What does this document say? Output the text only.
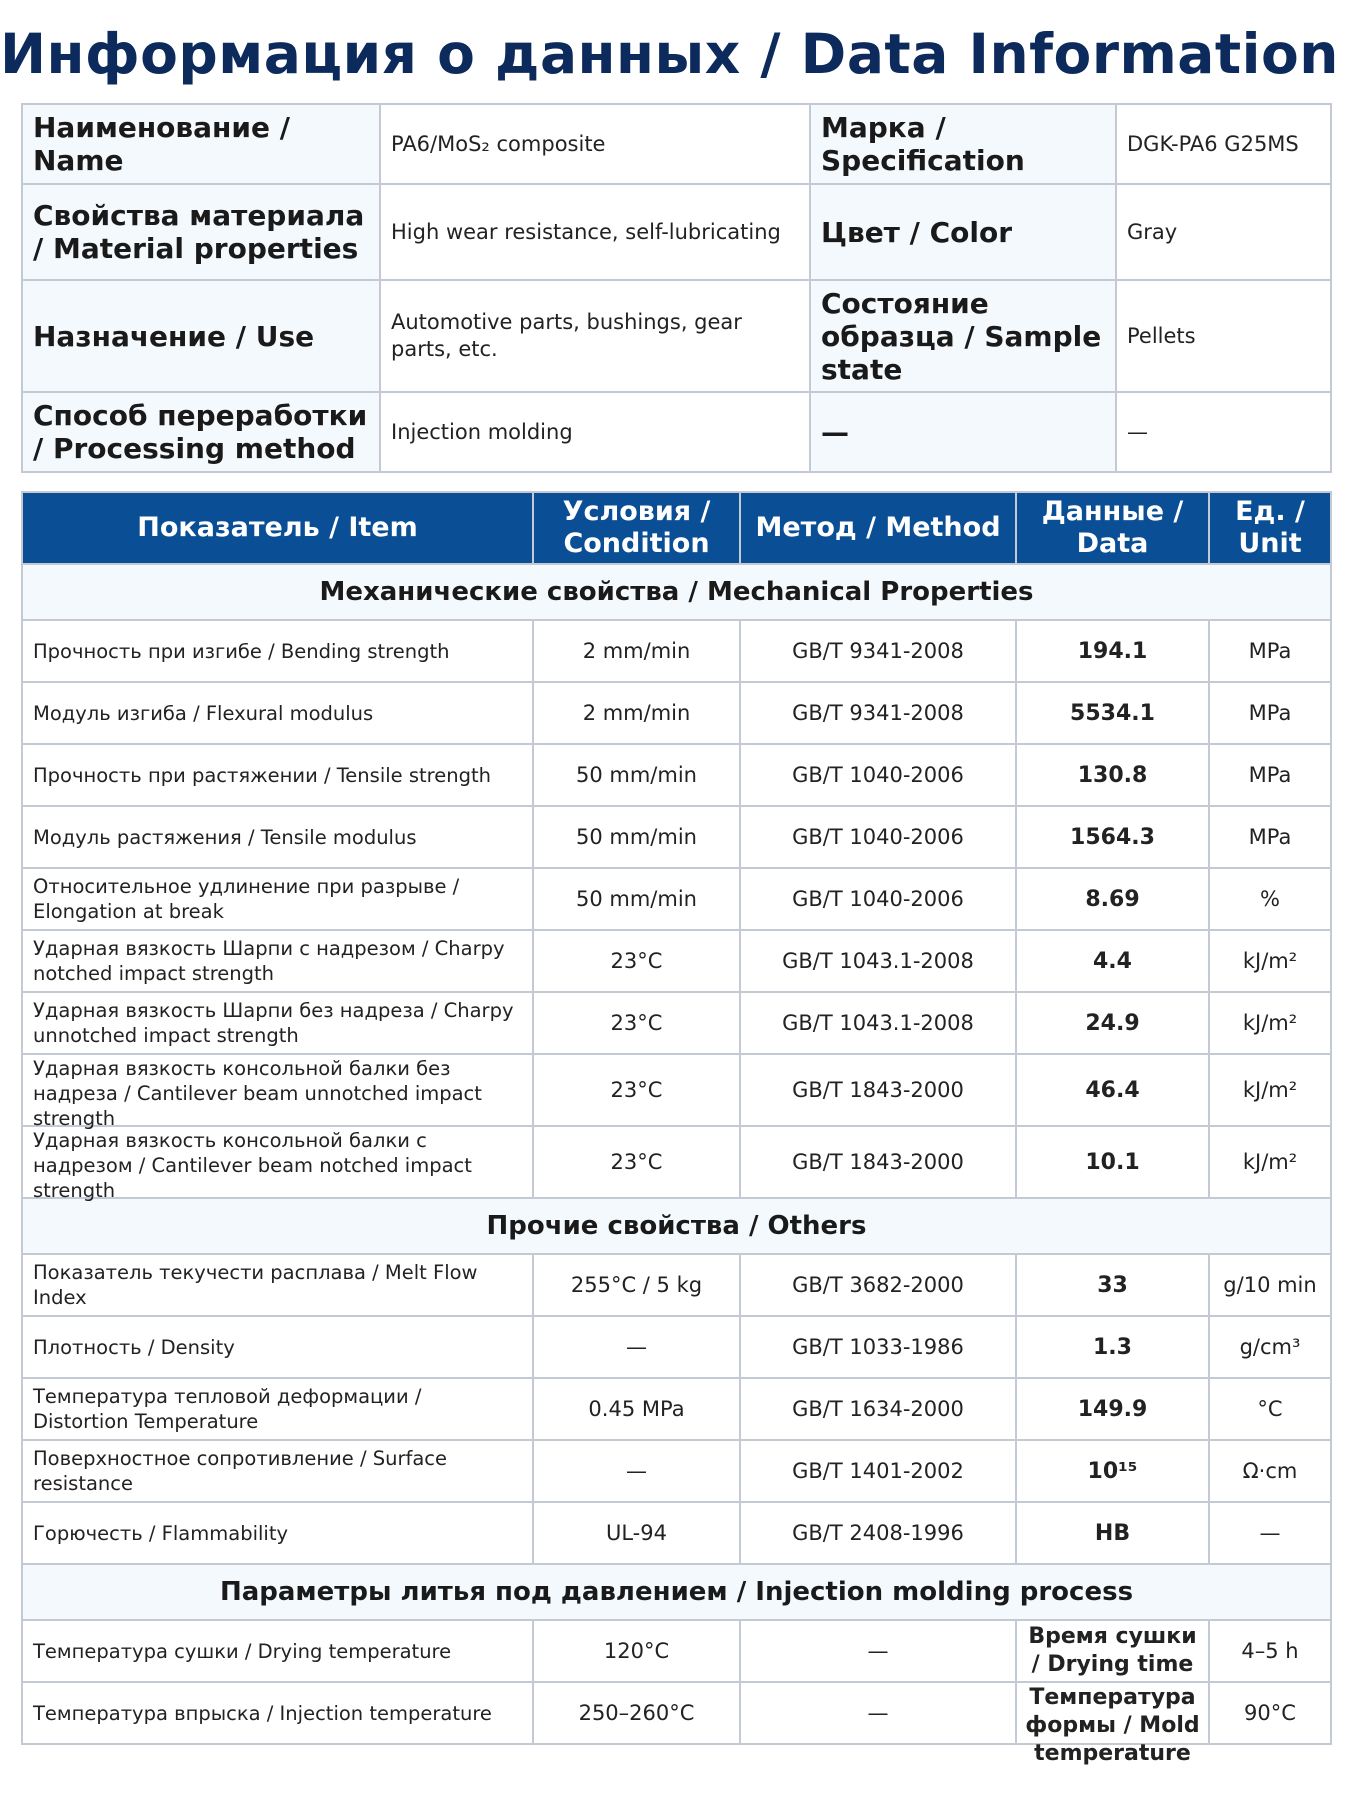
Информация о данных / Data Information
Наименование / Name	PA6/MoS₂ composite	Марка / Specification	DGK-PA6 G25MS
Свойства материала / Material properties	High wear resistance, self-lubricating	Цвет / Color	Gray
Назначение / Use	Automotive parts, bushings, gear parts, etc.	Состояние образца / Sample state	Pellets
Способ переработки / Processing method	Injection molding	—	—
Показатель / Item	Условия / Condition	Метод / Method	Данные / Data	Ед. / Unit
Механические свойства / Mechanical Properties				
Прочность при изгибе / Bending strength	2 mm/min	GB/T 9341-2008	194.1	MPa
Модуль изгиба / Flexural modulus	2 mm/min	GB/T 9341-2008	5534.1	MPa
Прочность при растяжении / Tensile strength	50 mm/min	GB/T 1040-2006	130.8	MPa
Модуль растяжения / Tensile modulus	50 mm/min	GB/T 1040-2006	1564.3	MPa
Относительное удлинение при разрыве / Elongation at break	50 mm/min	GB/T 1040-2006	8.69	%
Ударная вязкость Шарпи с надрезом / Charpy notched impact strength	23°C	GB/T 1043.1-2008	4.4	kJ/m²
Ударная вязкость Шарпи без надреза / Charpy unnotched impact strength	23°C	GB/T 1043.1-2008	24.9	kJ/m²

Ударная вязкость консольной балки без надреза / Cantilever beam unnotched impact strength	23°C	GB/T 1843-2000	46.4	kJ/m²

Ударная вязкость консольной балки с надрезом / Cantilever beam notched impact strength	23°C	GB/T 1843-2000	10.1	kJ/m²
Прочие свойства / Others				
Показатель текучести расплава / Melt Flow Index	255°C / 5 kg	GB/T 3682-2000	33	g/10 min
Плотность / Density	—	GB/T 1033-1986	1.3	g/cm³
Температура тепловой деформации / Distortion Temperature	0.45 MPa	GB/T 1634-2000	149.9	°C
Поверхностное сопротивление / Surface resistance	—	GB/T 1401-2002	10¹⁵	Ω·cm
Горючесть / Flammability	UL-94	GB/T 2408-1996	HB	—
Параметры литья под давлением / Injection molding process				
Температура сушки / Drying temperature	120°C	—	Время сушки / Drying time	4–5 h
Температура впрыска / Injection temperature	250–260°C	—	Температура формы / Mold temperature	90°C
